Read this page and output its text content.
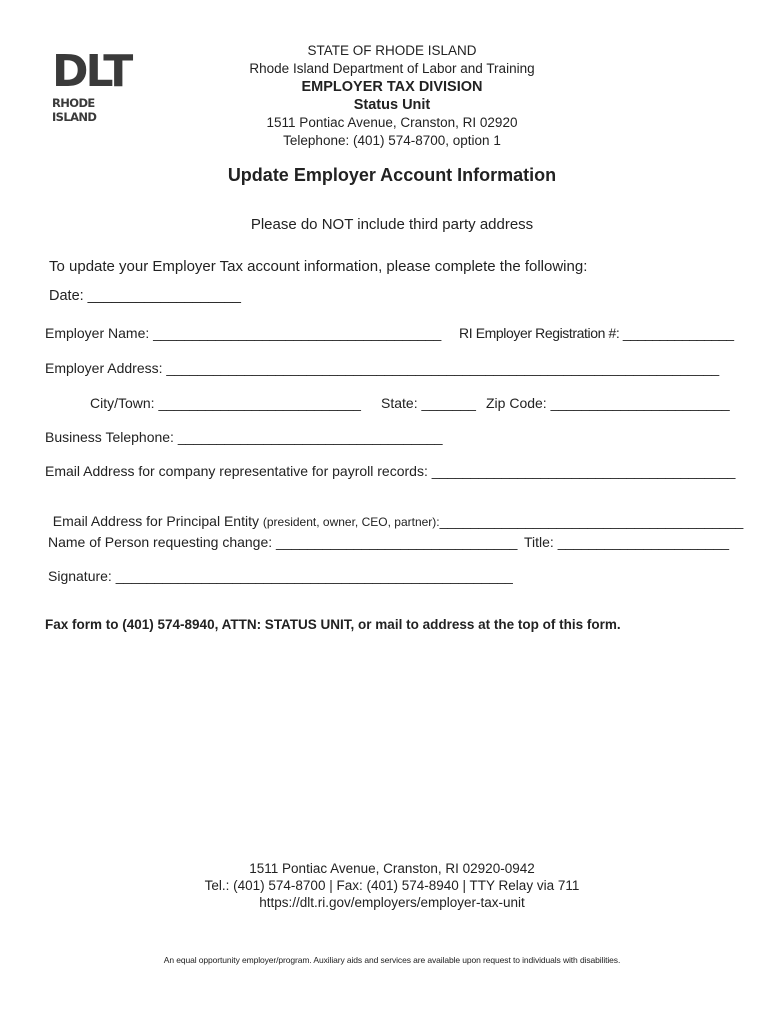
DLT
RHODE ISLAND
STATE OF RHODE ISLAND
Rhode Island Department of Labor and Training
EMPLOYER TAX DIVISION
Status Unit
1511 Pontiac Avenue, Cranston, RI 02920
Telephone: (401) 574-8700, option 1
Update Employer Account Information
Please do NOT include third party address
To update your Employer Tax account information, please complete the following:
Date: ___________________
Employer Name: _____________________________________ RI Employer Registration #: _______________
Employer Address: _______________________________________________________________________
City/Town: __________________________ State: _______ Zip Code: _______________________
Business Telephone: __________________________________
Email Address for company representative for payroll records: _______________________________________

Email Address for Principal Entity (president, owner, CEO, partner):_______________________________________

Name of Person requesting change: _______________________________ Title: ______________________
Signature: ___________________________________________________
Fax form to (401) 574-8940, ATTN: STATUS UNIT, or mail to address at the top of this form.
1511 Pontiac Avenue, Cranston, RI 02920-0942
Tel.: (401) 574-8700 | Fax: (401) 574-8940 | TTY Relay via 711
https://dlt.ri.gov/employers/employer-tax-unit
An equal opportunity employer/program. Auxiliary aids and services are available upon request to individuals with disabilities.
